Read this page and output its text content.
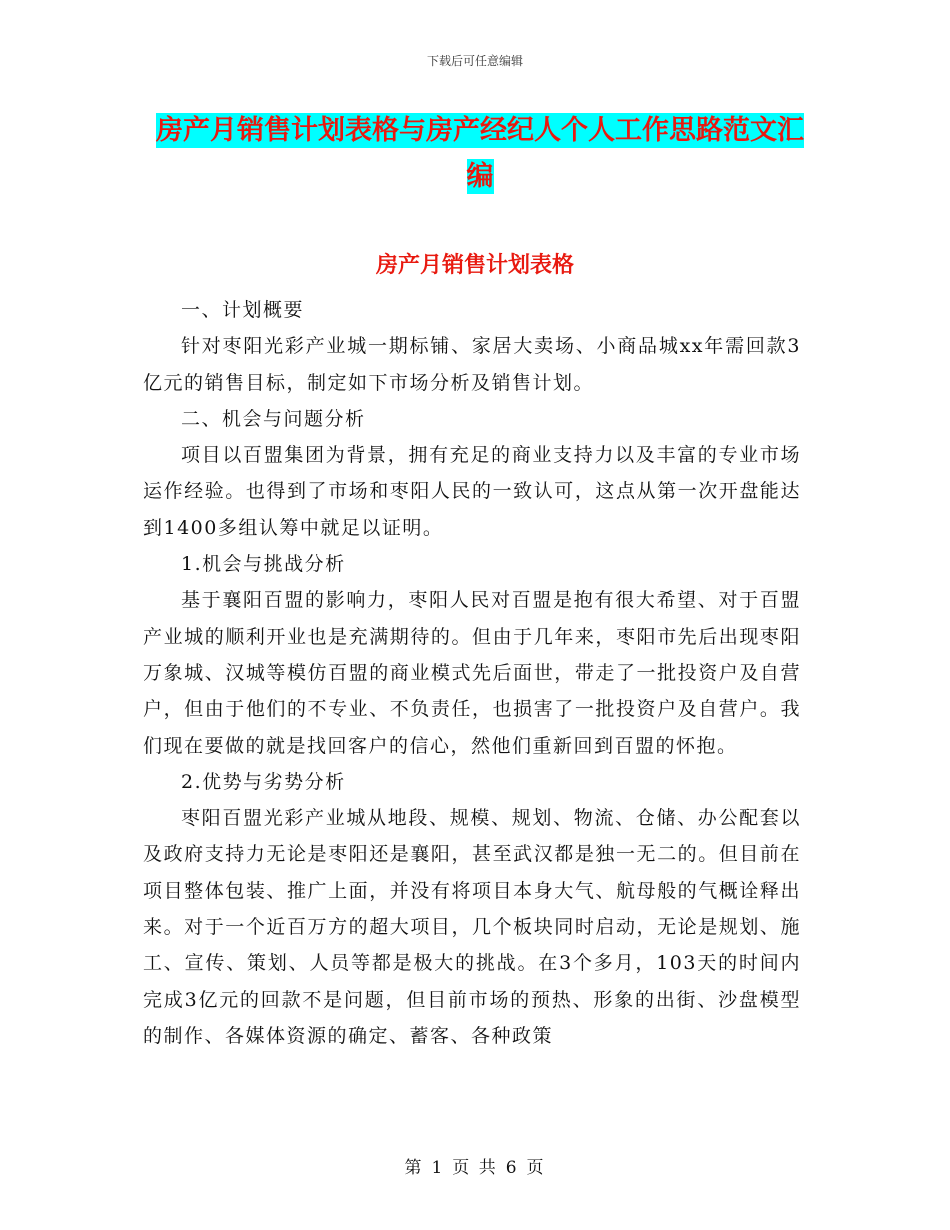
下载后可任意编辑
房产月销售计划表格与房产经纪人个人工作思路范文汇编
房产月销售计划表格

一、计划概要

针对枣阳光彩产业城一期标铺、家居大卖场、小商品城xx年需回款3亿元的销售目标，制定如下市场分析及销售计划。

二、机会与问题分析

项目以百盟集团为背景，拥有充足的商业支持力以及丰富的专业市场运作经验。也得到了市场和枣阳人民的一致认可，这点从第一次开盘能达到1400多组认筹中就足以证明。

1.机会与挑战分析

基于襄阳百盟的影响力，枣阳人民对百盟是抱有很大希望、对于百盟产业城的顺利开业也是充满期待的。但由于几年来，枣阳市先后出现枣阳万象城、汉城等模仿百盟的商业模式先后面世，带走了一批投资户及自营户，但由于他们的不专业、不负责任，也损害了一批投资户及自营户。我们现在要做的就是找回客户的信心，然他们重新回到百盟的怀抱。

2.优势与劣势分析

枣阳百盟光彩产业城从地段、规模、规划、物流、仓储、办公配套以及政府支持力无论是枣阳还是襄阳，甚至武汉都是独一无二的。但目前在项目整体包装、推广上面，并没有将项目本身大气、航母般的气概诠释出来。对于一个近百万方的超大项目，几个板块同时启动，无论是规划、施工、宣传、策划、人员等都是极大的挑战。在3个多月，103天的时间内完成3亿元的回款不是问题，但目前市场的预热、形象的出街、沙盘模型的制作、各媒体资源的确定、蓄客、各种政策

第 1 页 共 6 页
